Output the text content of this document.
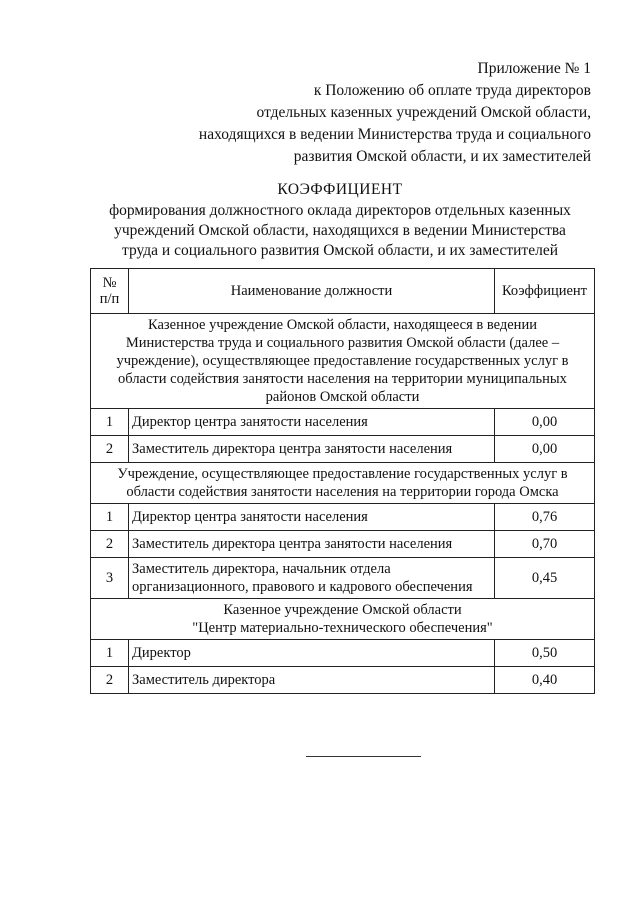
Приложение № 1
к Положению об оплате труда директоров
отдельных казенных учреждений Омской области,
находящихся в ведении Министерства труда и социального
развития Омской области, и их заместителей
КОЭФФИЦИЕНТ
формирования должностного оклада директоров отдельных казенных
учреждений Омской области, находящихся в ведении Министерства
труда и социального развития Омской области, и их заместителей
№
п/п	Наименование должности	Коэффициент

Казенное учреждение Омской области, находящееся в ведении
Министерства труда и социального развития Омской области (далее –
учреждение), осуществляющее предоставление государственных услуг в
области содействия занятости населения на территории муниципальных
районов Омской области		

1	Директор центра занятости населения	0,00
2	Заместитель директора центра занятости населения	0,00

Учреждение, осуществляющее предоставление государственных услуг в
области содействия занятости населения на территории города Омска		

1	Директор центра занятости населения	0,76
2	Заместитель директора центра занятости населения	0,70
3	Заместитель директора, начальник отдела
организационного, правового и кадрового обеспечения	0,45

Казенное учреждение Омской области
"Центр материально-технического обеспечения"		

1	Директор	0,50
2	Заместитель директора	0,40
